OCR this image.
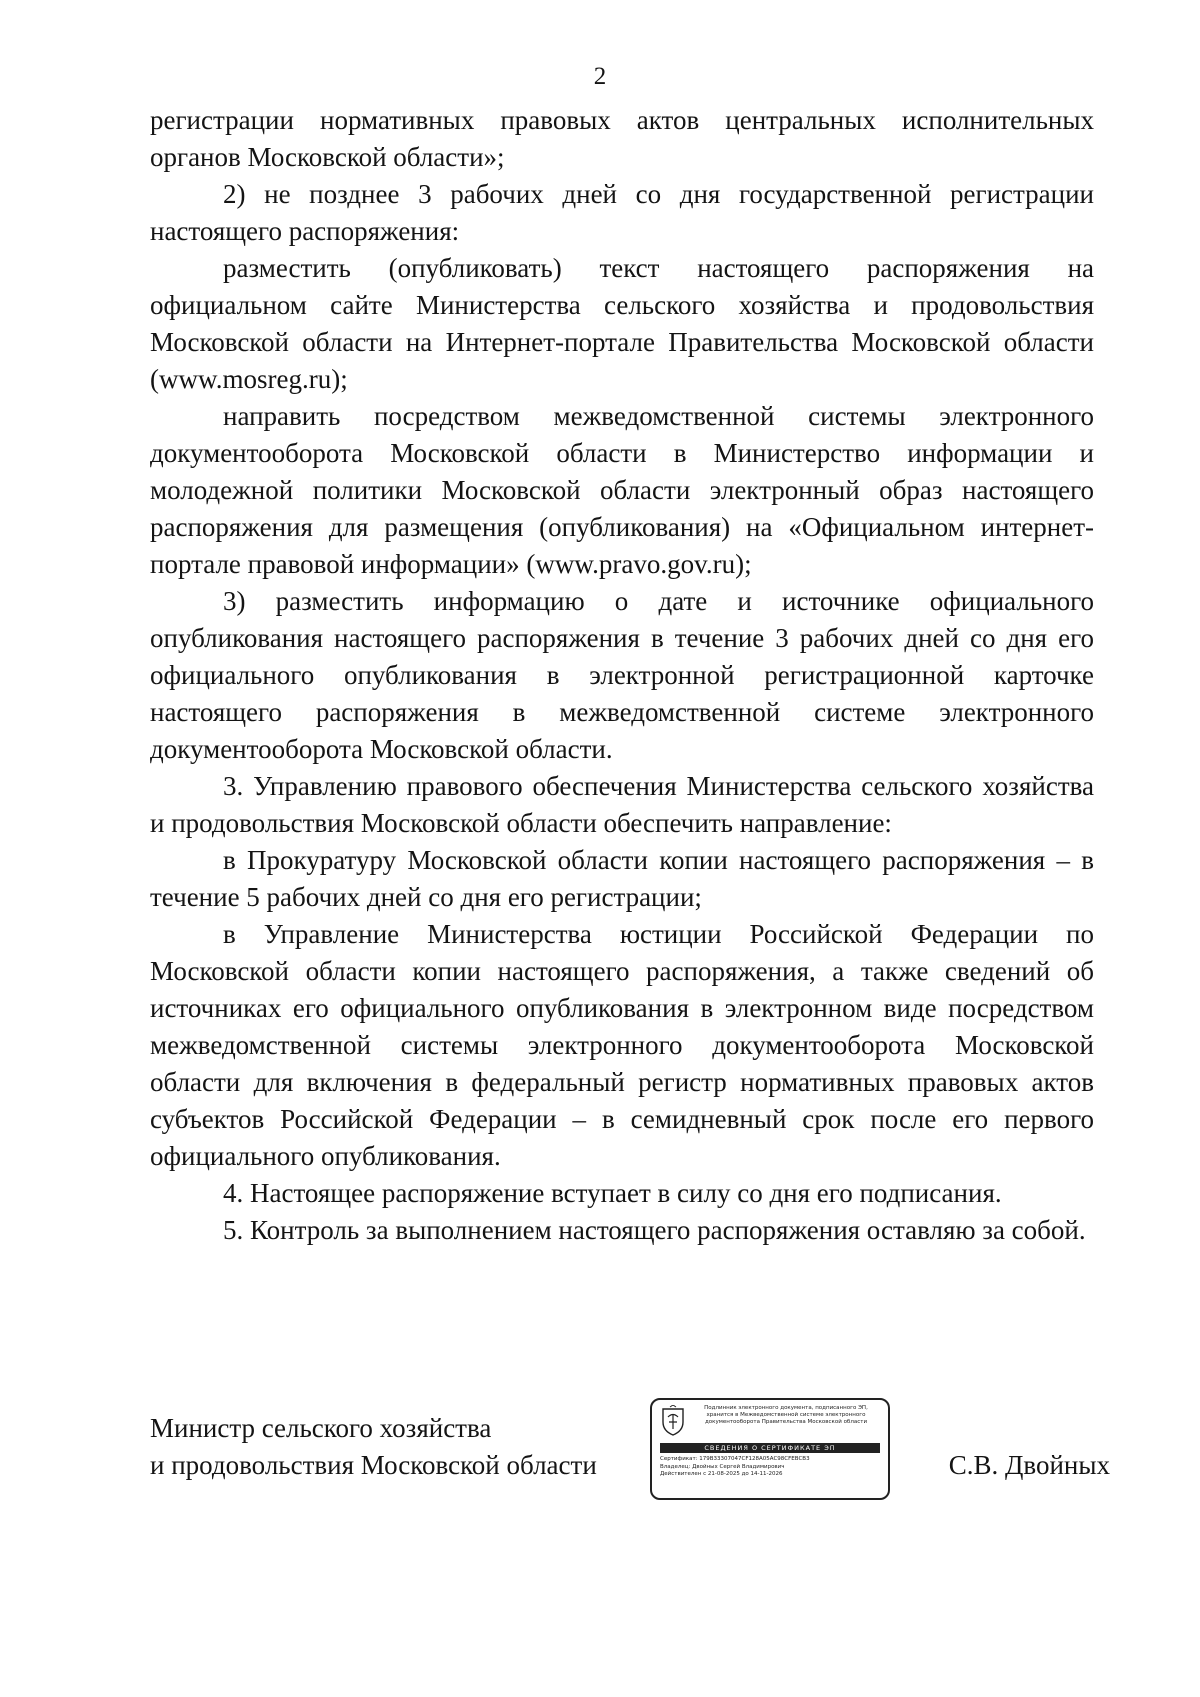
2

регистрации нормативных правовых актов центральных исполнительных органов Московской области»;

2) не позднее 3 рабочих дней со дня государственной регистрации настоящего распоряжения:

разместить (опубликовать) текст настоящего распоряжения на официальном сайте Министерства сельского хозяйства и продовольствия Московской области на Интернет-портале Правительства Московской области (www.mosreg.ru);

направить посредством межведомственной системы электронного документооборота Московской области в Министерство информации и молодежной политики Московской области электронный образ настоящего распоряжения для размещения (опубликования) на «Официальном интернет-портале правовой информации» (www.pravo.gov.ru);

3) разместить информацию о дате и источнике официального опубликования настоящего распоряжения в течение 3 рабочих дней со дня его официального опубликования в электронной регистрационной карточке настоящего распоряжения в межведомственной системе электронного документооборота Московской области.

3. Управлению правового обеспечения Министерства сельского хозяйства и продовольствия Московской области обеспечить направление:

в Прокуратуру Московской области копии настоящего распоряжения – в течение 5 рабочих дней со дня его регистрации;

в Управление Министерства юстиции Российской Федерации по Московской области копии настоящего распоряжения, а также сведений об источниках его официального опубликования в электронном виде посредством межведомственной системы электронного документооборота Московской области для включения в федеральный регистр нормативных правовых актов субъектов Российской Федерации – в семидневный срок после его первого официального опубликования.

4. Настоящее распоряжение вступает в силу со дня его подписания.

5. Контроль за выполнением настоящего распоряжения оставляю за собой.

Министр сельского хозяйства
и продовольствия Московской области
Подлинник электронного документа, подписанного ЭП,
хранится в Межведомственной системе электронного
документооборота Правительства Московской области
СВЕДЕНИЯ О СЕРТИФИКАТЕ ЭП
Сертификат: 179B33307047CF128A05AC98CFEBCB3
Владелец: Двойных Сергей Владимирович
Действителен с 21-08-2025 до 14-11-2026	С.В. Двойных
